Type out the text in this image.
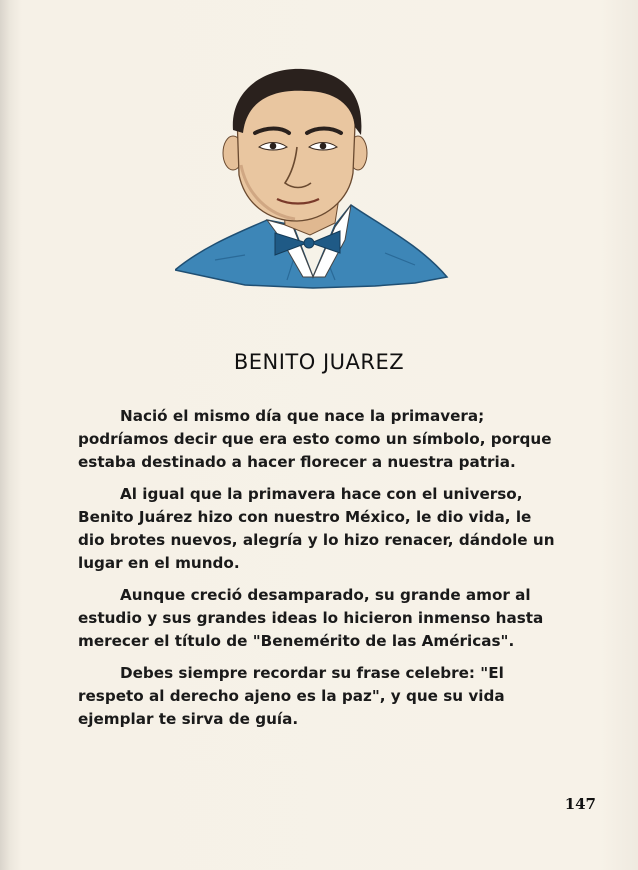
BENITO JUAREZ

Nació el mismo día que nace la primavera; podríamos decir que era esto como un símbolo, porque estaba destinado a hacer florecer a nuestra patria.

Al igual que la primavera hace con el universo, Benito Juárez hizo con nuestro México, le dio vida, le dio brotes nuevos, alegría y lo hizo renacer, dándole un lugar en el mundo.

Aunque creció desamparado, su grande amor al estudio y sus grandes ideas lo hicieron inmenso hasta merecer el título de "Benemérito de las Américas".

Debes siempre recordar su frase celebre: "El respeto al derecho ajeno es la paz", y que su vida ejemplar te sirva de guía.

147
